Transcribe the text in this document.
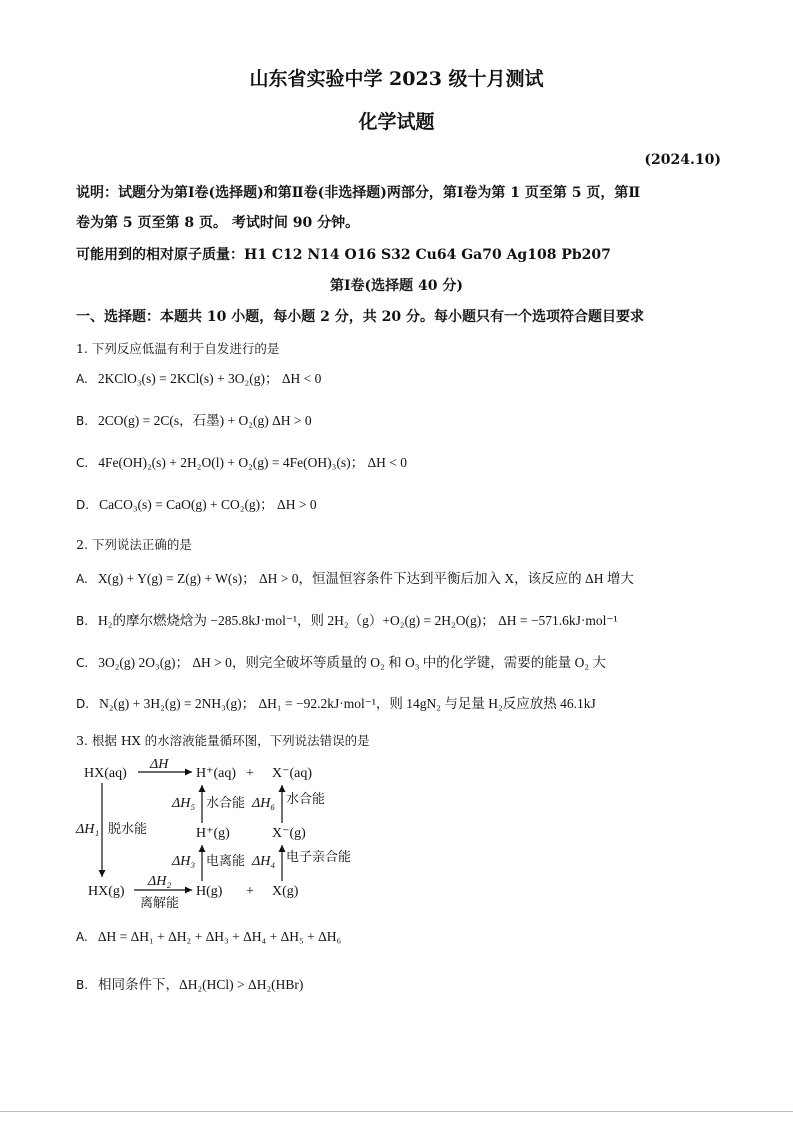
山东省实验中学 2023 级十月测试
化学试题
(2024.10)
说明：试题分为第Ⅰ卷(选择题)和第Ⅱ卷(非选择题)两部分，第Ⅰ卷为第 1 页至第 5 页，第Ⅱ
卷为第 5 页至第 8 页。 考试时间 90 分钟。
可能用到的相对原子质量：H1 C12 N14 O16 S32 Cu64 Ga70 Ag108 Pb207
第Ⅰ卷(选择题 40 分)
一、选择题：本题共 10 小题，每小题 2 分，共 20 分。每小题只有一个选项符合题目要求
1. 下列反应低温有利于自发进行的是
A. 2KClO₃(s) = 2KCl(s) + 3O₂(g)； ΔH < 0
B. 2CO(g) = 2C(s，石墨) + O₂(g) ΔH > 0
C. 4Fe(OH)₂(s) + 2H₂O(l) + O₂(g) = 4Fe(OH)₃(s)； ΔH < 0
D. CaCO₃(s) = CaO(g) + CO₂(g)； ΔH > 0
2. 下列说法正确的是
A. X(g) + Y(g) = Z(g) + W(s)； ΔH > 0，恒温恒容条件下达到平衡后加入 X，该反应的 ΔH 增大
B. H₂的摩尔燃烧焓为 −285.8kJ·mol⁻¹，则 2H₂（g）+O₂(g) = 2H₂O(g)； ΔH = −571.6kJ·mol⁻¹
C. 3O₂(g) 2O₃(g)； ΔH > 0，则完全破坏等质量的 O₂ 和 O₃ 中的化学键，需要的能量 O₂ 大
D. N₂(g) + 3H₂(g) = 2NH₃(g)； ΔH₁ = −92.2kJ·mol⁻¹，则 14gN₂ 与足量 H₂反应放热 46.1kJ
3. 根据 HX 的水溶液能量循环图，下列说法错误的是
HX(aq)
ΔH
H⁺(aq) + X⁻(aq)
ΔH₁ 脱水能
ΔH₅ 水合能 ΔH₆ 水合能
H⁺(g)	X⁻(g)
ΔH₃ 电离能 ΔH₄ 电子亲合能
HX(g)
ΔH₂
离解能
H(g) + X(g)
A. ΔH = ΔH₁ + ΔH₂ + ΔH₃ + ΔH₄ + ΔH₅ + ΔH₆
B. 相同条件下，ΔH₂(HCl) > ΔH₂(HBr)
